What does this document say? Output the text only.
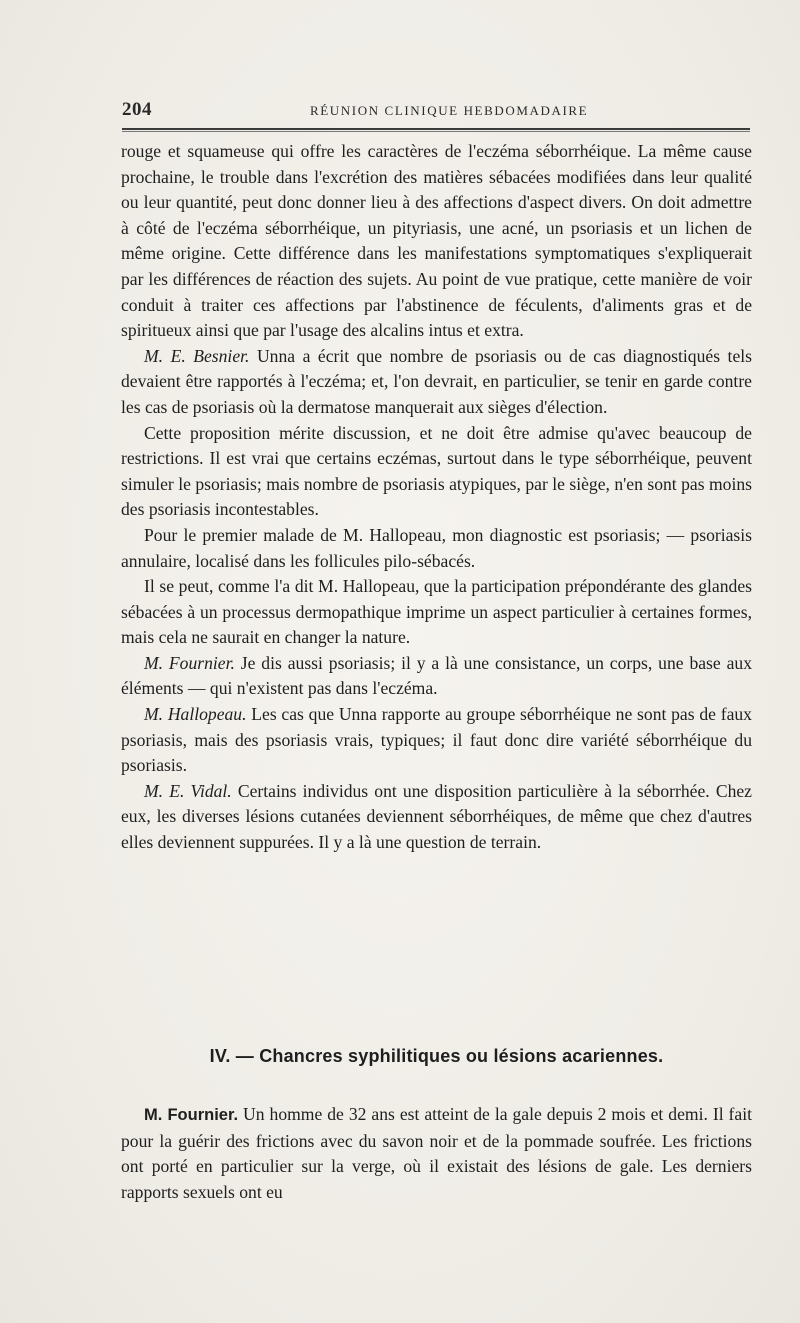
204	RÉUNION CLINIQUE HEBDOMADAIRE

rouge et squameuse qui offre les caractères de l'eczéma séborrhéique. La même cause prochaine, le trouble dans l'excrétion des matières sébacées modifiées dans leur qualité ou leur quantité, peut donc donner lieu à des affections d'aspect divers. On doit admettre à côté de l'eczéma séborrhéique, un pityriasis, une acné, un psoriasis et un lichen de même origine. Cette différence dans les manifestations symptomatiques s'expliquerait par les différences de réaction des sujets. Au point de vue pratique, cette manière de voir conduit à traiter ces affections par l'abstinence de féculents, d'aliments gras et de spiritueux ainsi que par l'usage des alcalins intus et extra.

M. E. Besnier. Unna a écrit que nombre de psoriasis ou de cas diagnostiqués tels devaient être rapportés à l'eczéma; et, l'on devrait, en particulier, se tenir en garde contre les cas de psoriasis où la dermatose manquerait aux sièges d'élection.

Cette proposition mérite discussion, et ne doit être admise qu'avec beaucoup de restrictions. Il est vrai que certains eczémas, surtout dans le type séborrhéique, peuvent simuler le psoriasis; mais nombre de psoriasis atypiques, par le siège, n'en sont pas moins des psoriasis incontestables.

Pour le premier malade de M. Hallopeau, mon diagnostic est psoriasis; — psoriasis annulaire, localisé dans les follicules pilo-sébacés.

Il se peut, comme l'a dit M. Hallopeau, que la participation prépondérante des glandes sébacées à un processus dermopathique imprime un aspect particulier à certaines formes, mais cela ne saurait en changer la nature.

M. Fournier. Je dis aussi psoriasis; il y a là une consistance, un corps, une base aux éléments — qui n'existent pas dans l'eczéma.

M. Hallopeau. Les cas que Unna rapporte au groupe séborrhéique ne sont pas de faux psoriasis, mais des psoriasis vrais, typiques; il faut donc dire variété séborrhéique du psoriasis.

M. E. Vidal. Certains individus ont une disposition particulière à la séborrhée. Chez eux, les diverses lésions cutanées deviennent séborrhéiques, de même que chez d'autres elles deviennent suppurées. Il y a là une question de terrain.

IV. — Chancres syphilitiques ou lésions acariennes.

M. Fournier. Un homme de 32 ans est atteint de la gale depuis 2 mois et demi. Il fait pour la guérir des frictions avec du savon noir et de la pommade soufrée. Les frictions ont porté en particulier sur la verge, où il existait des lésions de gale. Les derniers rapports sexuels ont eu
